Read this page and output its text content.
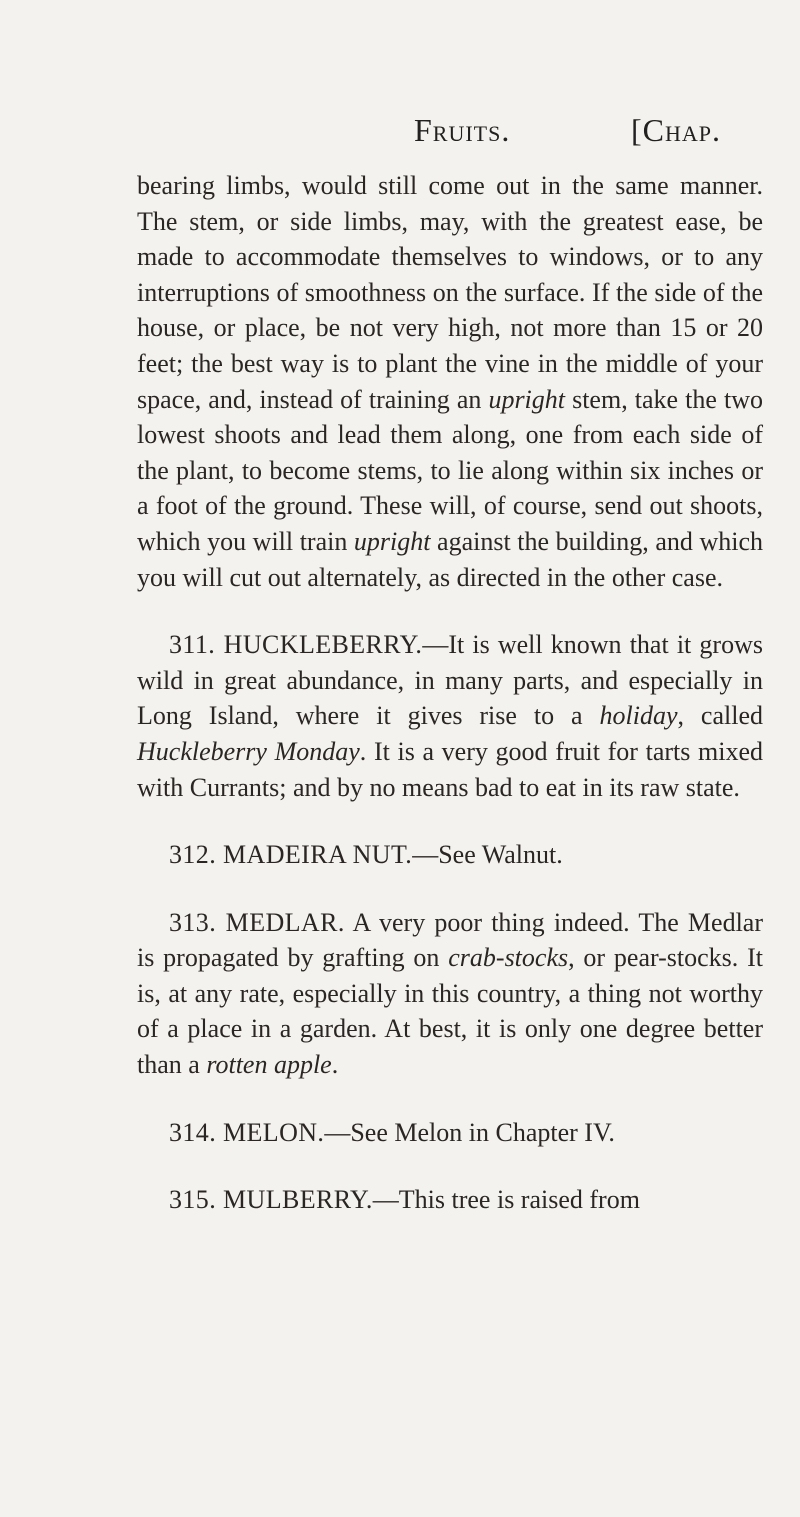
Fruits.	[Chap.

bearing limbs, would still come out in the same manner. The stem, or side limbs, may, with the greatest ease, be made to accommodate themselves to windows, or to any interruptions of smoothness on the surface. If the side of the house, or place, be not very high, not more than 15 or 20 feet; the best way is to plant the vine in the middle of your space, and, instead of training an upright stem, take the two lowest shoots and lead them along, one from each side of the plant, to become stems, to lie along within six inches or a foot of the ground. These will, of course, send out shoots, which you will train upright against the building, and which you will cut out alternately, as directed in the other case.

311. HUCKLEBERRY.—It is well known that it grows wild in great abundance, in many parts, and especially in Long Island, where it gives rise to a holiday, called Huckleberry Monday. It is a very good fruit for tarts mixed with Currants; and by no means bad to eat in its raw state.

312. MADEIRA NUT.—See Walnut.

313. MEDLAR. A very poor thing indeed. The Medlar is propagated by grafting on crab-stocks, or pear-stocks. It is, at any rate, especially in this country, a thing not worthy of a place in a garden. At best, it is only one degree better than a rotten apple.

314. MELON.—See Melon in Chapter IV.

315. MULBERRY.—This tree is raised from
